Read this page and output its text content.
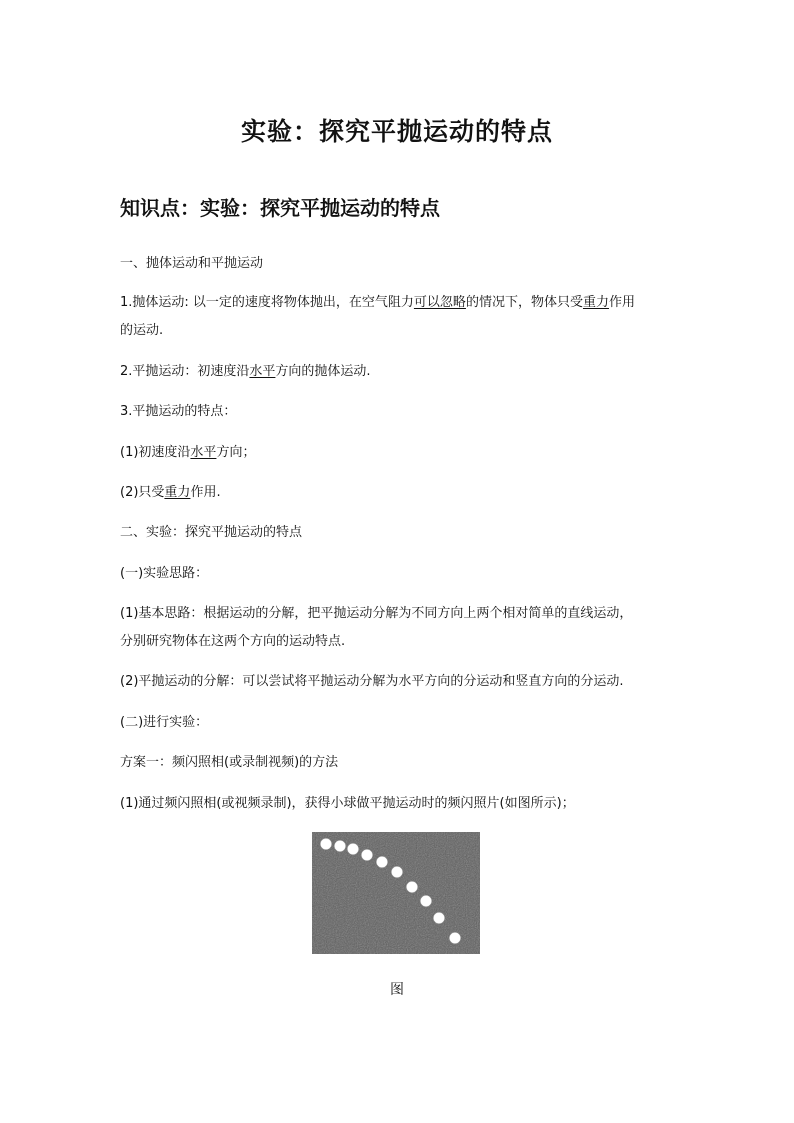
实验：探究平抛运动的特点
知识点：实验：探究平抛运动的特点
一、抛体运动和平抛运动
1.抛体运动: 以一定的速度将物体抛出，在空气阻力可以忽略的情况下，物体只受重力作用
的运动.
2.平抛运动：初速度沿水平方向的抛体运动.
3.平抛运动的特点：
(1)初速度沿水平方向；
(2)只受重力作用.
二、实验：探究平抛运动的特点
(一)实验思路：
(1)基本思路：根据运动的分解，把平抛运动分解为不同方向上两个相对简单的直线运动，
分别研究物体在这两个方向的运动特点.
(2)平抛运动的分解：可以尝试将平抛运动分解为水平方向的分运动和竖直方向的分运动.
(二)进行实验：
方案一：频闪照相(或录制视频)的方法
(1)通过频闪照相(或视频录制)，获得小球做平抛运动时的频闪照片(如图所示)；
图
